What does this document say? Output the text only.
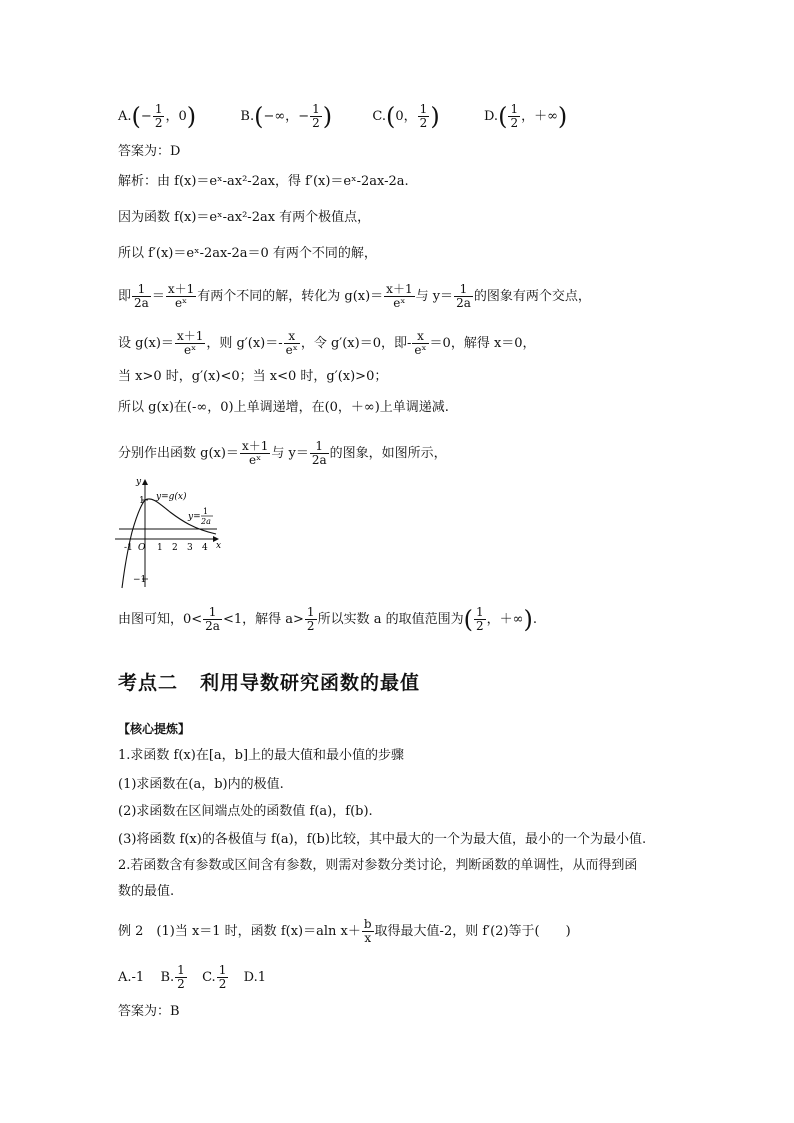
$A.(- \frac{1}{2}$ ，0)	B.(−∞，− $\frac{1}{2}$ )	C.(0， $\frac{1}{2}$ )	$D.( \frac{1}{2}$ ，＋∞)
答案为：D
解析：由 f(x)＝eˣ-ax²-2ax，得 f′(x)＝eˣ-2ax-2a.
因为函数 f(x)＝eˣ-ax²-2ax 有两个极值点，
所以 f′(x)＝eˣ-2ax-2a＝0 有两个不同的解，
即 $\frac{1}{2a} = \frac{x+1}{\text{eˣ}}$ 有两个不同的解，转化为 $g(x)= \frac{x+1}{\text{eˣ}}$ 与 $y= \frac{1}{2a}$ 的图象有两个交点，
设 $g(x)= \frac{x+1}{\text{eˣ}}$ ，则 $g'(x)=- \frac{x}{\text{eˣ}}$ ，令 g′(x)＝0，即- $\frac{x}{\text{eˣ}} =0$，解得 x＝0，
当 x>0 时，g′(x)<0；当 x<0 时，g′(x)>0；
所以 g(x)在(-∞，0)上单调递增，在(0，＋∞)上单调递减.
分别作出函数 $g(x)= \frac{x+1}{\text{eˣ}}$ 与 $y= \frac{1}{2a}$ 的图象，如图所示，
y
x
1
−1
y=g(x)
y=
1
2a
-1 O 1 2 3 4
由图可知，$0< \frac{1}{2a} <1$，解得 $a> \frac{1}{2}$ 所以实数 a 的取值范围为( $\frac{1}{2}$ ，＋∞).
考点二 利用导数研究函数的最值
【核心提炼】
1.求函数 f(x)在[a，b]上的最大值和最小值的步骤
(1)求函数在(a，b)内的极值.
(2)求函数在区间端点处的函数值 f(a)，f(b).
(3)将函数 f(x)的各极值与 f(a)，f(b)比较，其中最大的一个为最大值，最小的一个为最小值.
2.若函数含有参数或区间含有参数，则需对参数分类讨论，判断函数的单调性，从而得到函
数的最值.
例 2　(1)当 x＝1 时，函数 f(x)＝aln $x+ \frac{b}{x}$ 取得最大值-2，则 f′(2)等于(　　)
A.-1 B. $\frac{1}{2} C$. $\frac{1}{2} D.1$
答案为：B
